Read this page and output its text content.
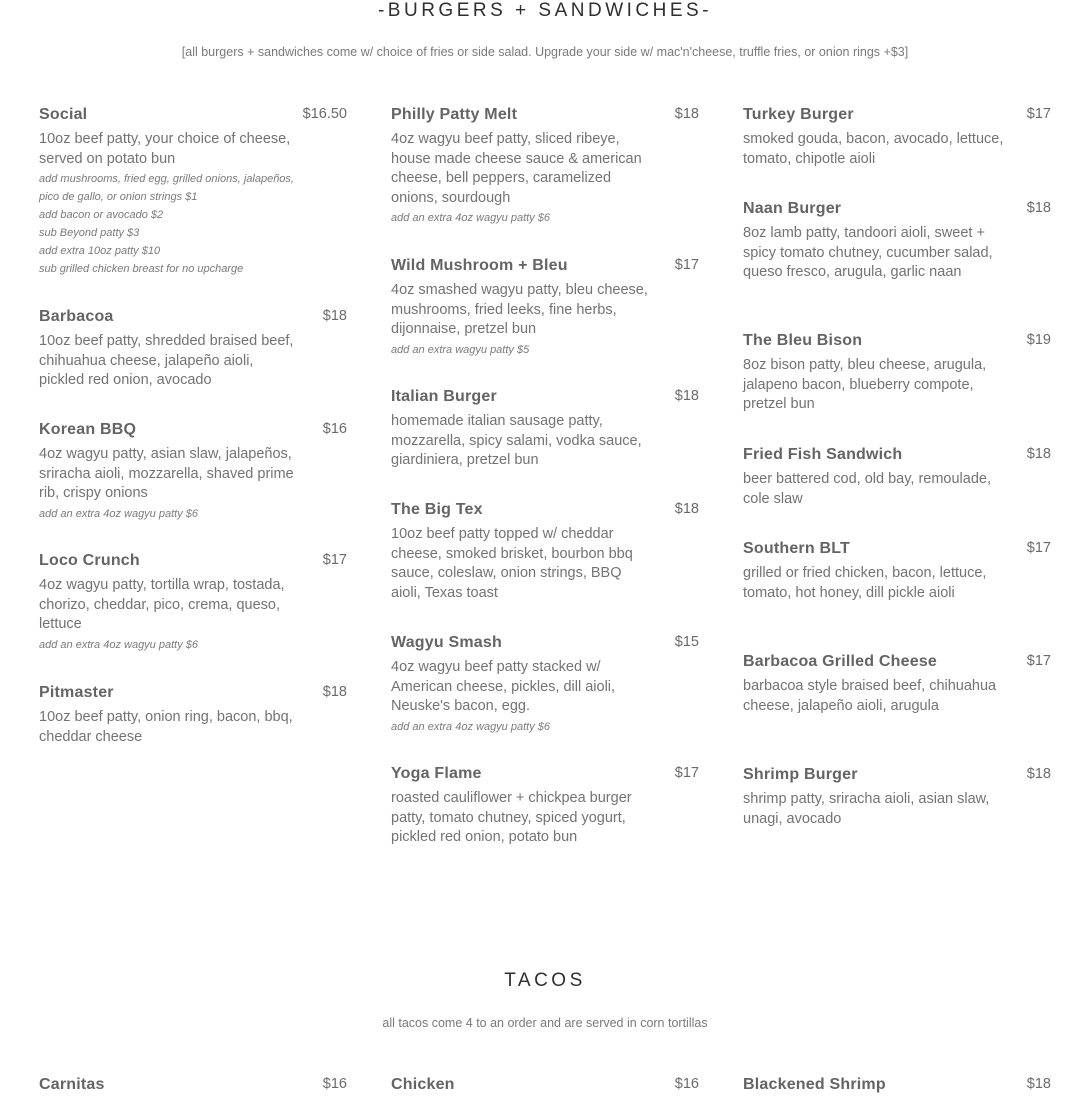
-BURGERS + SANDWICHES-

[all burgers + sandwiches come w/ choice of fries or side salad. Upgrade your side w/ mac'n'cheese, truffle fries, or onion rings +$3]

Social	$16.50
10oz beef patty, your choice of cheese, served on potato bun
add mushrooms, fried egg, grilled onions, jalapeños,
pico de gallo, or onion strings $1
add bacon or avocado $2
sub Beyond patty $3
add extra 10oz patty $10
sub grilled chicken breast for no upcharge
Barbacoa	$18
10oz beef patty, shredded braised beef, chihuahua cheese, jalapeño aioli, pickled red onion, avocado
Korean BBQ	$16
4oz wagyu patty, asian slaw, jalapeños, sriracha aioli, mozzarella, shaved prime rib, crispy onions
add an extra 4oz wagyu patty $6
Loco Crunch	$17
4oz wagyu patty, tortilla wrap, tostada, chorizo, cheddar, pico, crema, queso, lettuce
add an extra 4oz wagyu patty $6
Pitmaster	$18
10oz beef patty, onion ring, bacon, bbq, cheddar cheese
Philly Patty Melt	$18
4oz wagyu beef patty, sliced ribeye, house made cheese sauce & american cheese, bell peppers, caramelized onions, sourdough
add an extra 4oz wagyu patty $6
Wild Mushroom + Bleu	$17
4oz smashed wagyu patty, bleu cheese, mushrooms, fried leeks, fine herbs, dijonnaise, pretzel bun
add an extra wagyu patty $5
Italian Burger	$18
homemade italian sausage patty, mozzarella, spicy salami, vodka sauce, giardiniera, pretzel bun
The Big Tex	$18
10oz beef patty topped w/ cheddar cheese, smoked brisket, bourbon bbq sauce, coleslaw, onion strings, BBQ aioli, Texas toast
Wagyu Smash	$15
4oz wagyu beef patty stacked w/ American cheese, pickles, dill aioli, Neuske's bacon, egg.
add an extra 4oz wagyu patty $6
Yoga Flame	$17
roasted cauliflower + chickpea burger patty, tomato chutney, spiced yogurt, pickled red onion, potato bun
Turkey Burger	$17
smoked gouda, bacon, avocado, lettuce, tomato, chipotle aioli
Naan Burger	$18
8oz lamb patty, tandoori aioli, sweet + spicy tomato chutney, cucumber salad, queso fresco, arugula, garlic naan
The Bleu Bison	$19
8oz bison patty, bleu cheese, arugula, jalapeno bacon, blueberry compote, pretzel bun
Fried Fish Sandwich	$18
beer battered cod, old bay, remoulade, cole slaw
Southern BLT	$17
grilled or fried chicken, bacon, lettuce, tomato, hot honey, dill pickle aioli
Barbacoa Grilled Cheese	$17
barbacoa style braised beef, chihuahua cheese, jalapeño aioli, arugula
Shrimp Burger	$18
shrimp patty, sriracha aioli, asian slaw, unagi, avocado
TACOS

all tacos come 4 to an order and are served in corn tortillas

Carnitas	$16	Chicken	$16	Blackened Shrimp	$18
